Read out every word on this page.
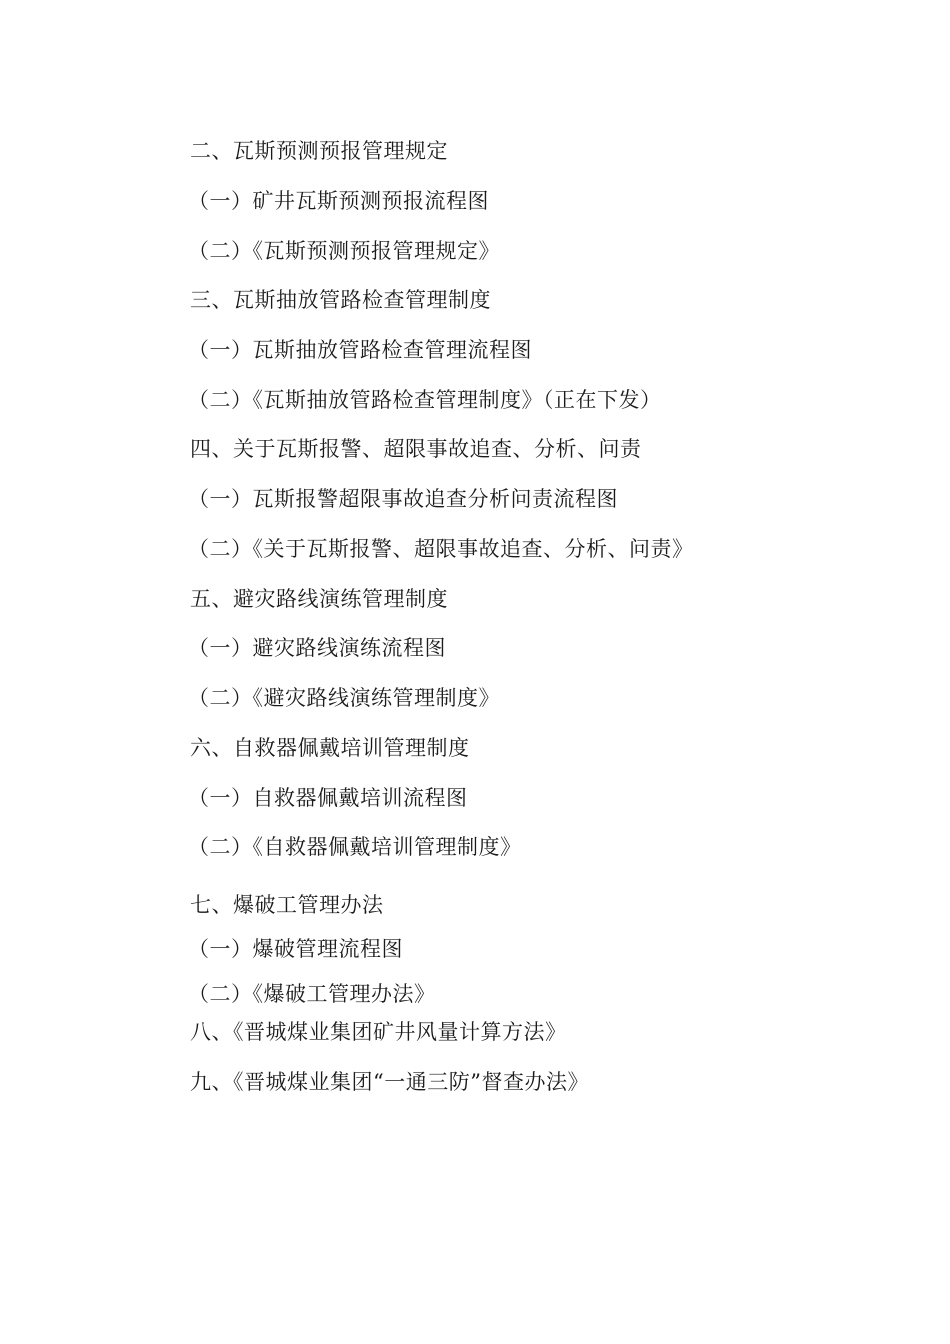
二、瓦斯预测预报管理规定
（一）矿井瓦斯预测预报流程图
（二）《瓦斯预测预报管理规定》
三、瓦斯抽放管路检查管理制度
（一）瓦斯抽放管路检查管理流程图
（二）《瓦斯抽放管路检查管理制度》（正在下发）
四、关于瓦斯报警、超限事故追查、分析、问责
（一）瓦斯报警超限事故追查分析问责流程图
（二）《关于瓦斯报警、超限事故追查、分析、问责》
五、避灾路线演练管理制度
（一）避灾路线演练流程图
（二）《避灾路线演练管理制度》
六、自救器佩戴培训管理制度
（一）自救器佩戴培训流程图
（二）《自救器佩戴培训管理制度》
七、爆破工管理办法
（一）爆破管理流程图
（二）《爆破工管理办法》
八、《晋城煤业集团矿井风量计算方法》
九、《晋城煤业集团“一通三防”督查办法》
